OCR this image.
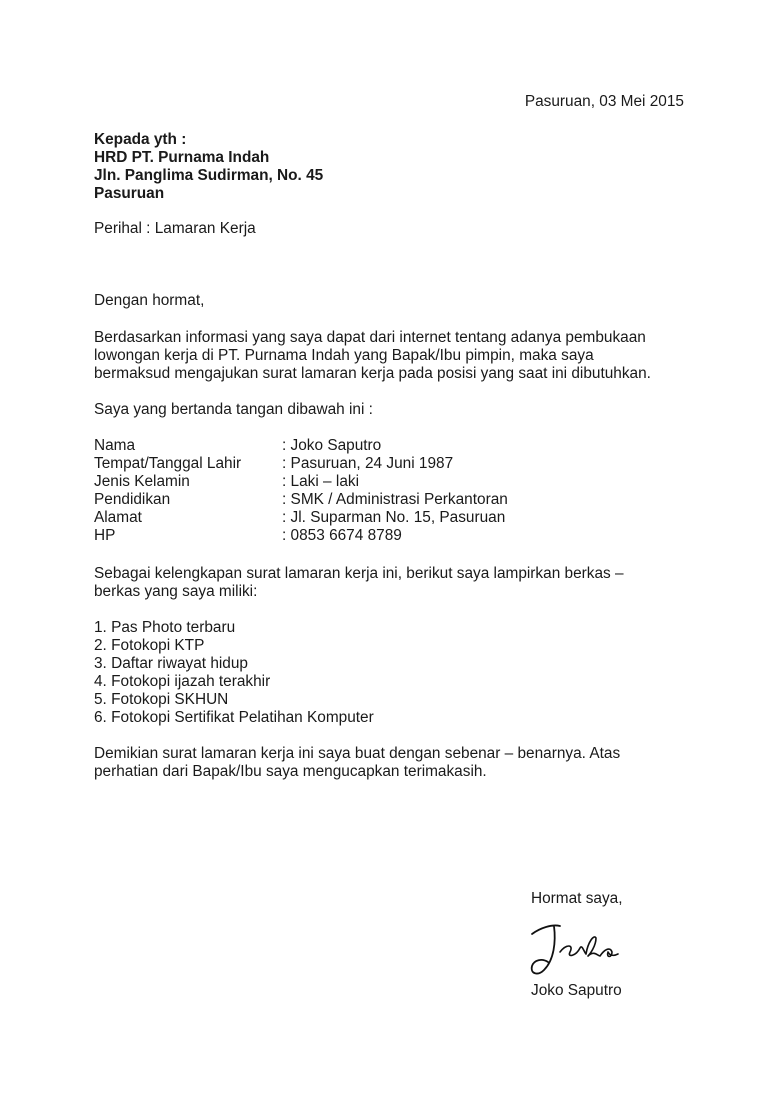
Pasuruan, 03 Mei 2015
Kepada yth :
HRD PT. Purnama Indah
Jln. Panglima Sudirman, No. 45
Pasuruan
Perihal : Lamaran Kerja
Dengan hormat,
Berdasarkan informasi yang saya dapat dari internet tentang adanya pembukaan
lowongan kerja di PT. Purnama Indah yang Bapak/Ibu pimpin, maka saya
bermaksud mengajukan surat lamaran kerja pada posisi yang saat ini dibutuhkan.
Saya yang bertanda tangan dibawah ini :
Nama	: Joko Saputro
Tempat/Tanggal Lahir	: Pasuruan, 24 Juni 1987
Jenis Kelamin	: Laki – laki
Pendidikan	: SMK / Administrasi Perkantoran
Alamat	: Jl. Suparman No. 15, Pasuruan
HP	: 0853 6674 8789
Sebagai kelengkapan surat lamaran kerja ini, berikut saya lampirkan berkas –
berkas yang saya miliki:
1. Pas Photo terbaru
2. Fotokopi KTP
3. Daftar riwayat hidup
4. Fotokopi ijazah terakhir
5. Fotokopi SKHUN
6. Fotokopi Sertifikat Pelatihan Komputer
Demikian surat lamaran kerja ini saya buat dengan sebenar – benarnya. Atas
perhatian dari Bapak/Ibu saya mengucapkan terimakasih.
Hormat saya,
Joko Saputro
